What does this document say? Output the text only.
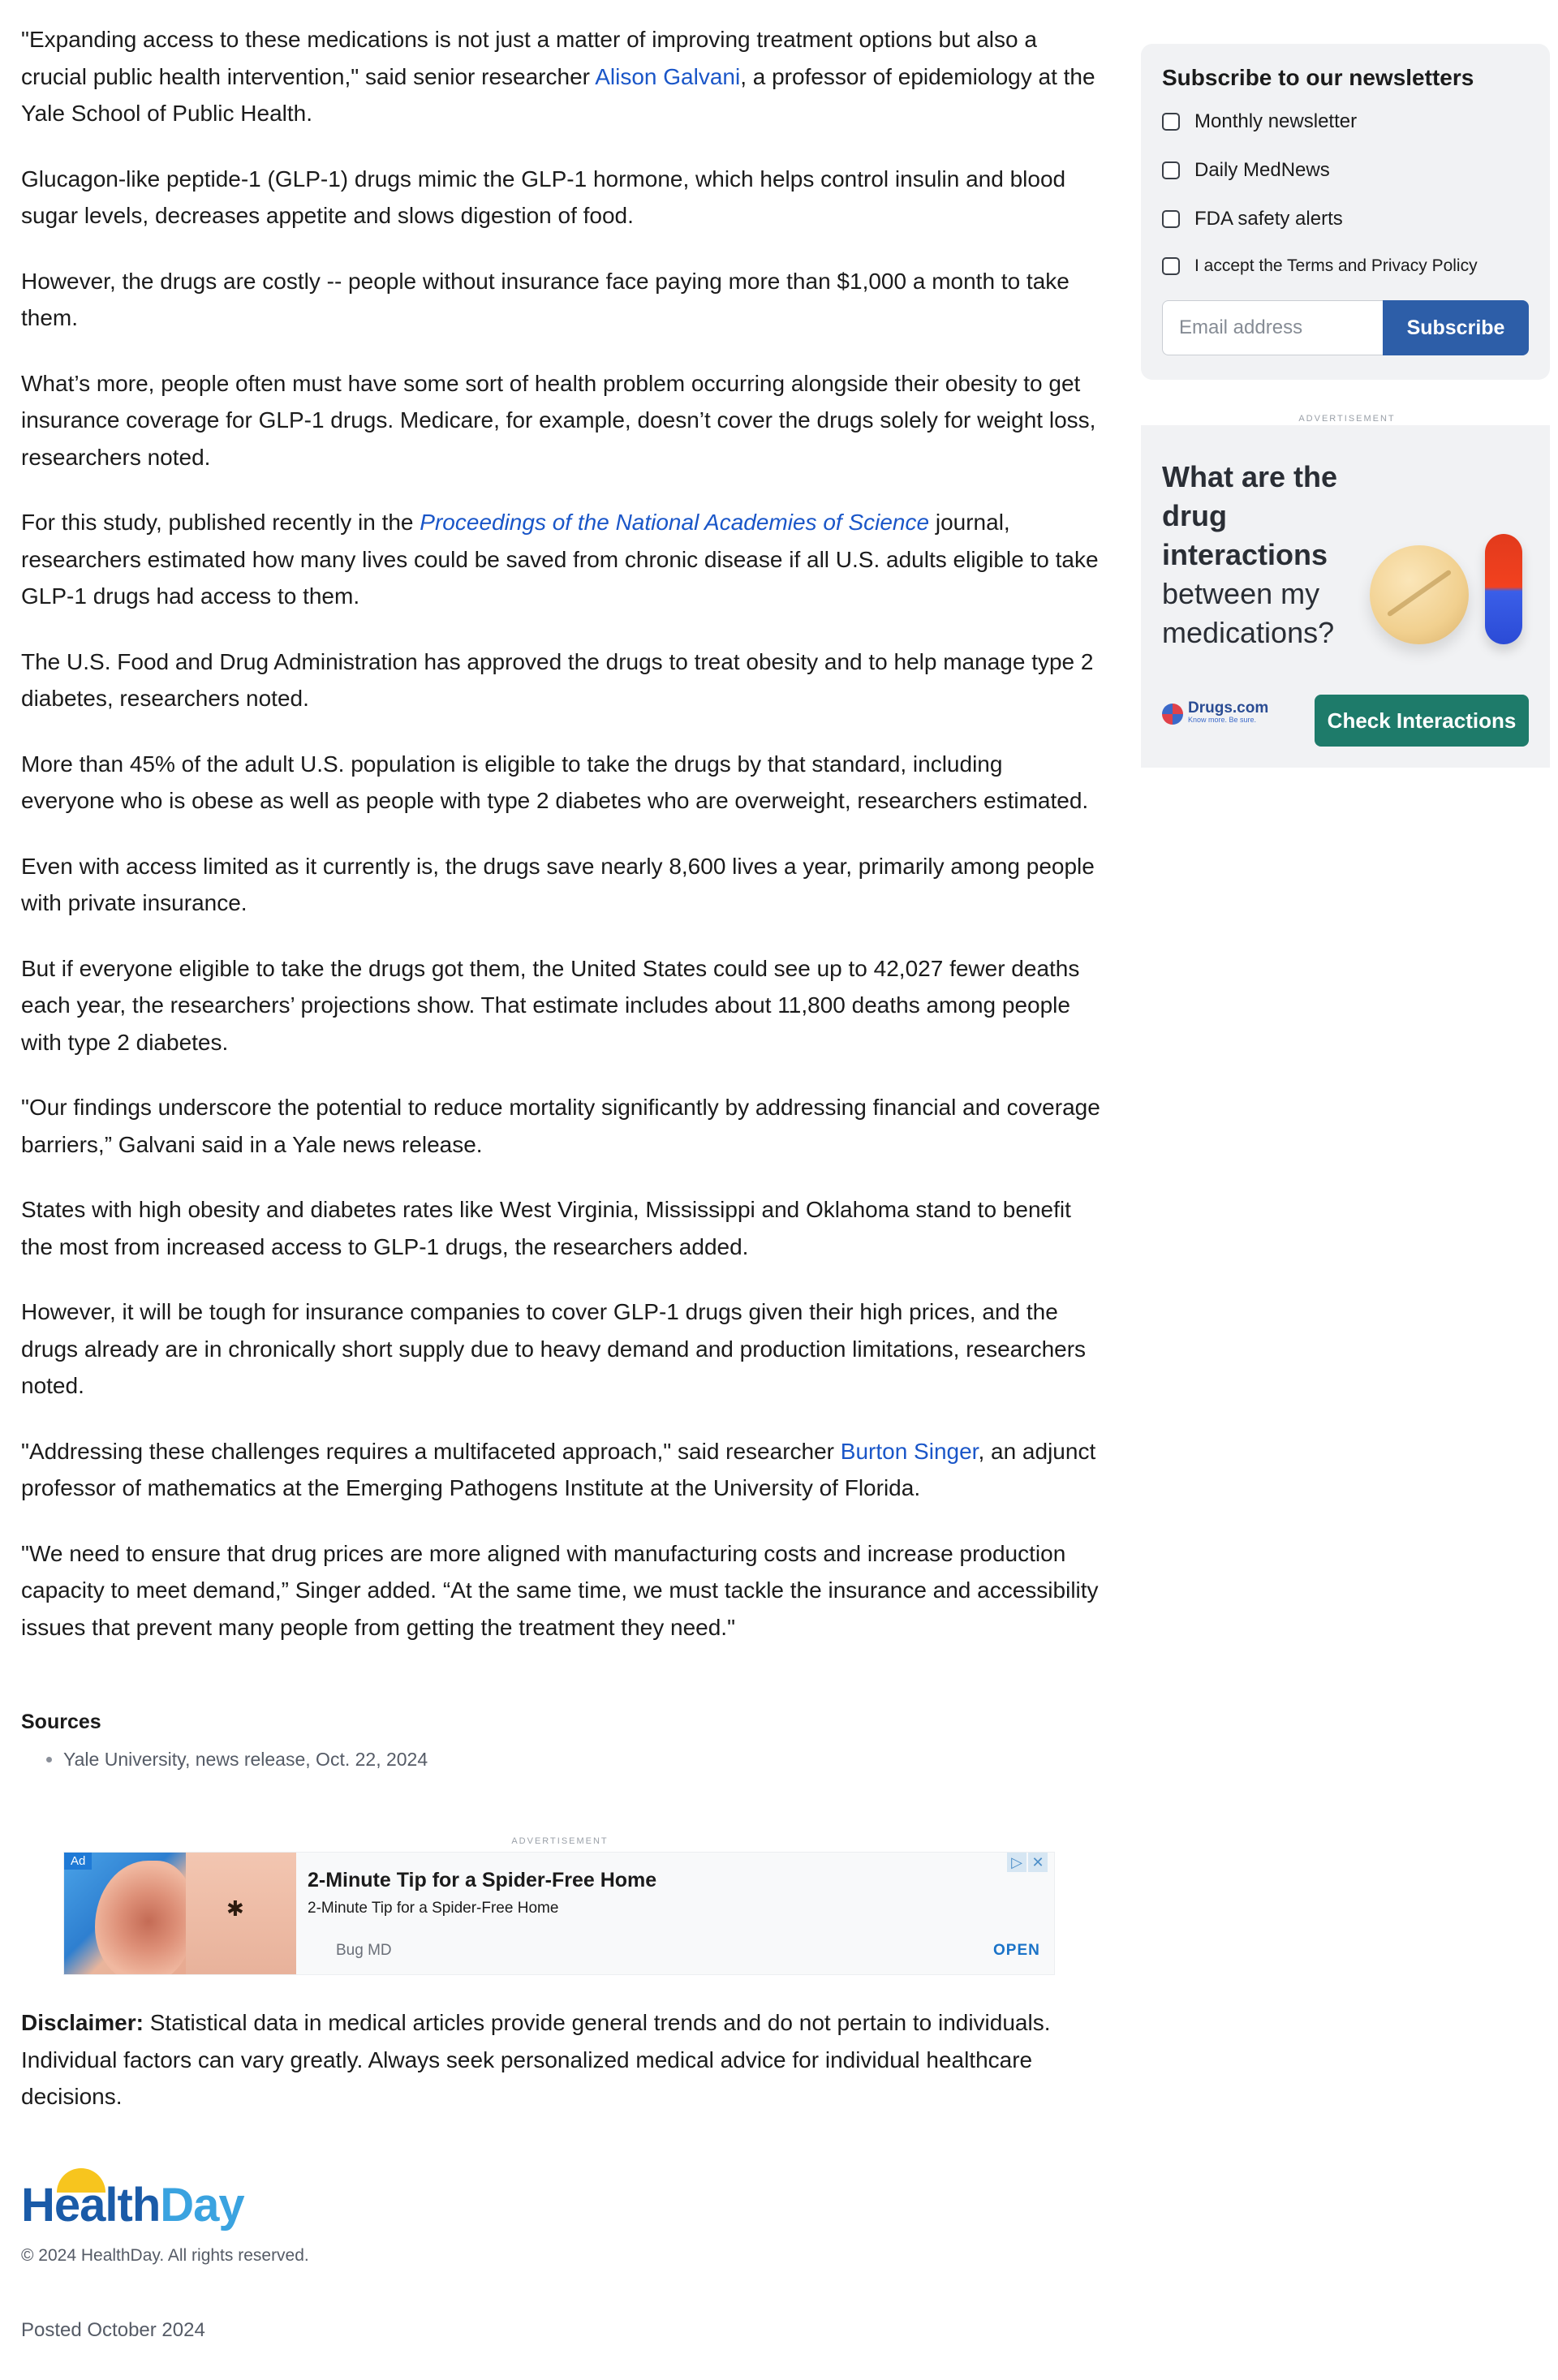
"Expanding access to these medications is not just a matter of improving treatment options but also a crucial public health intervention," said senior researcher Alison Galvani, a professor of epidemiology at the Yale School of Public Health.

Glucagon-like peptide-1 (GLP-1) drugs mimic the GLP-1 hormone, which helps control insulin and blood sugar levels, decreases appetite and slows digestion of food.

However, the drugs are costly -- people without insurance face paying more than $1,000 a month to take them.

What’s more, people often must have some sort of health problem occurring alongside their obesity to get insurance coverage for GLP-1 drugs. Medicare, for example, doesn’t cover the drugs solely for weight loss, researchers noted.

For this study, published recently in the Proceedings of the National Academies of Science journal, researchers estimated how many lives could be saved from chronic disease if all U.S. adults eligible to take GLP-1 drugs had access to them.

The U.S. Food and Drug Administration has approved the drugs to treat obesity and to help manage type 2 diabetes, researchers noted.

More than 45% of the adult U.S. population is eligible to take the drugs by that standard, including everyone who is obese as well as people with type 2 diabetes who are overweight, researchers estimated.

Even with access limited as it currently is, the drugs save nearly 8,600 lives a year, primarily among people with private insurance.

But if everyone eligible to take the drugs got them, the United States could see up to 42,027 fewer deaths each year, the researchers’ projections show. That estimate includes about 11,800 deaths among people with type 2 diabetes.

"Our findings underscore the potential to reduce mortality significantly by addressing financial and coverage barriers,” Galvani said in a Yale news release.

States with high obesity and diabetes rates like West Virginia, Mississippi and Oklahoma stand to benefit the most from increased access to GLP-1 drugs, the researchers added.

However, it will be tough for insurance companies to cover GLP-1 drugs given their high prices, and the drugs already are in chronically short supply due to heavy demand and production limitations, researchers noted.

"Addressing these challenges requires a multifaceted approach," said researcher Burton Singer, an adjunct professor of mathematics at the Emerging Pathogens Institute at the University of Florida.

"We need to ensure that drug prices are more aligned with manufacturing costs and increase production capacity to meet demand,” Singer added. “At the same time, we must tackle the insurance and accessibility issues that prevent many people from getting the treatment they need."

Sources
• Yale University, news release, Oct. 22, 2024
ADVERTISEMENT
✱
Ad
2-Minute Tip for a Spider-Free Home
2-Minute Tip for a Spider-Free Home
Bug MD	OPEN
▷ ✕

Disclaimer: Statistical data in medical articles provide general trends and do not pertain to individuals. Individual factors can vary greatly. Always seek personalized medical advice for individual healthcare decisions.

HealthDay
© 2024 HealthDay. All rights reserved.
Posted October 2024
Subscribe to our newsletters
Monthly newsletter
Daily MedNews
FDA safety alerts
I accept the Terms and Privacy Policy
Email address
Subscribe
ADVERTISEMENT
What are the
drug interactions
between my
medications?
Drugs.com
Know more. Be sure.	Check Interactions
